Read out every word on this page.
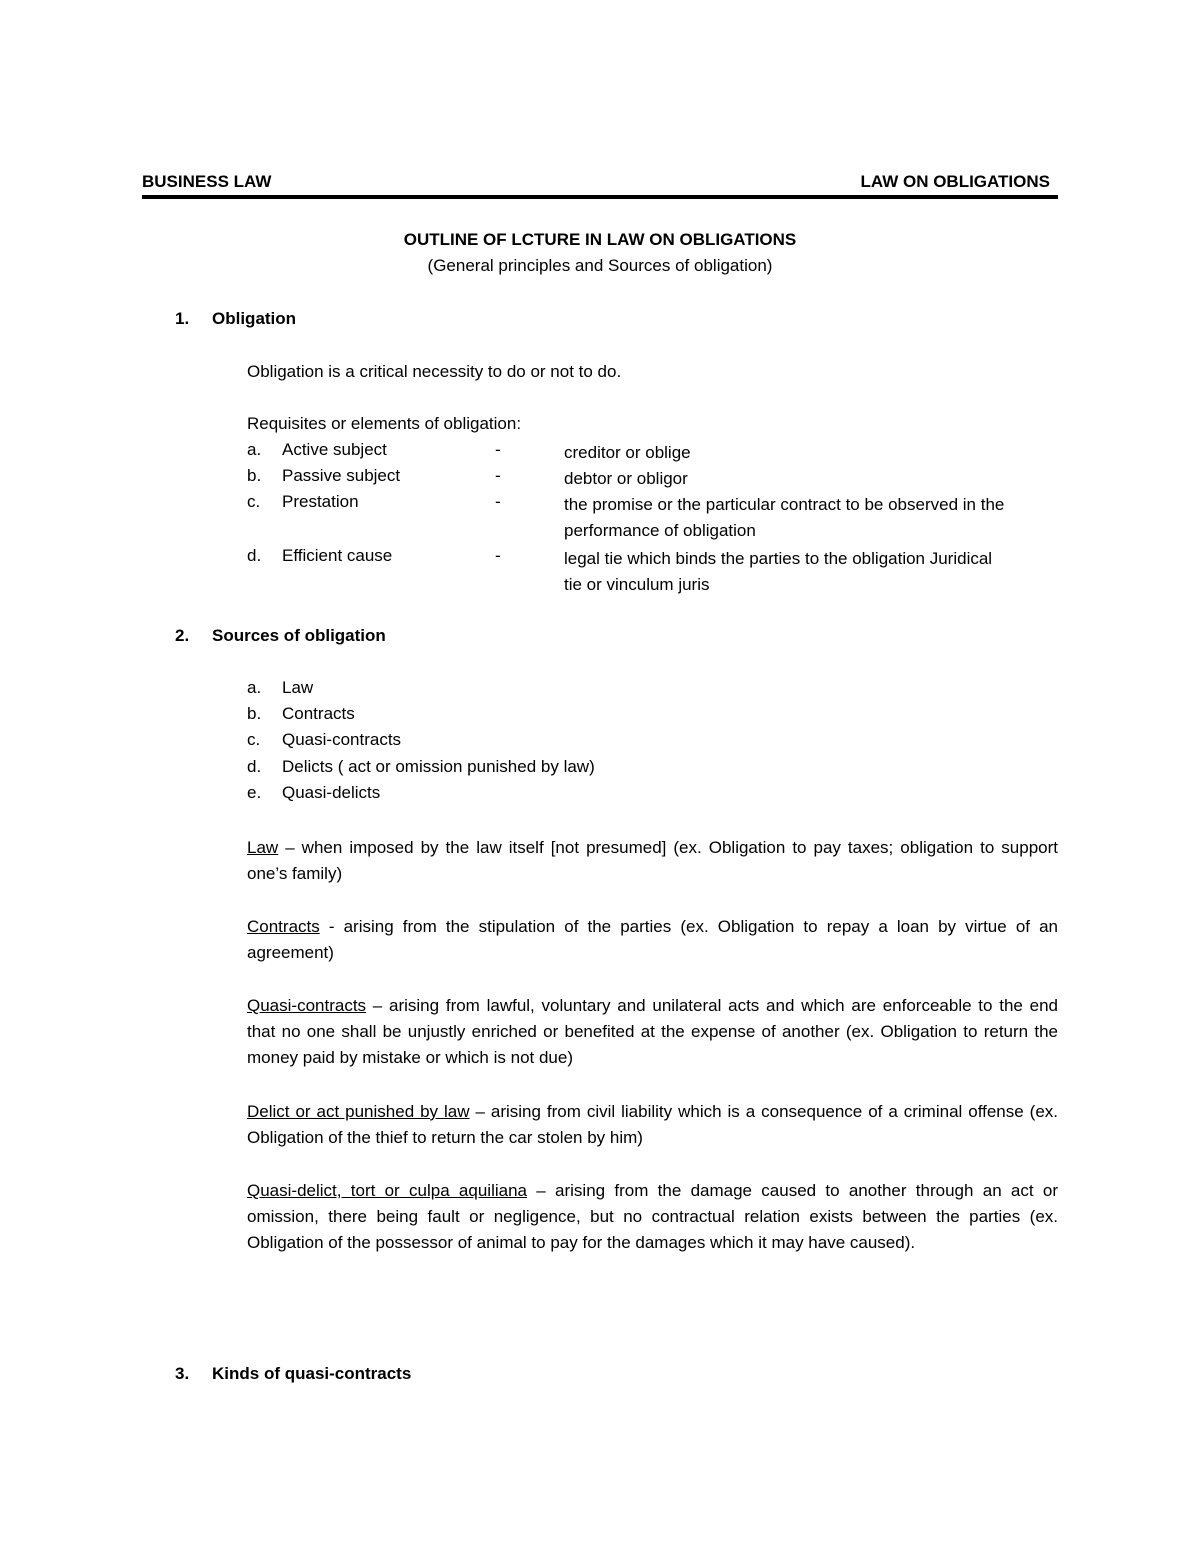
BUSINESS LAW	LAW ON OBLIGATIONS
OUTLINE OF LCTURE IN LAW ON OBLIGATIONS
(General principles and Sources of obligation)
1. Obligation
Obligation is a critical necessity to do or not to do.
Requisites or elements of obligation:
a. Active subject	-	creditor or oblige
b. Passive subject	-	debtor or obligor
c. Prestation	-	the promise or the particular contract to be observed in the performance of obligation
d. Efficient cause	-	legal tie which binds the parties to the obligation Juridical tie or vinculum juris
2. Sources of obligation
a. Law
b. Contracts
c. Quasi-contracts
d. Delicts ( act or omission punished by law)
e. Quasi-delicts
Law – when imposed by the law itself [not presumed] (ex. Obligation to pay taxes; obligation to support one’s family)
Contracts - arising from the stipulation of the parties (ex. Obligation to repay a loan by virtue of an agreement)
Quasi-contracts – arising from lawful, voluntary and unilateral acts and which are enforceable to the end that no one shall be unjustly enriched or benefited at the expense of another (ex. Obligation to return the money paid by mistake or which is not due)
Delict or act punished by law – arising from civil liability which is a consequence of a criminal offense (ex. Obligation of the thief to return the car stolen by him)
Quasi-delict, tort or culpa aquiliana – arising from the damage caused to another through an act or omission, there being fault or negligence, but no contractual relation exists between the parties (ex. Obligation of the possessor of animal to pay for the damages which it may have caused).
3. Kinds of quasi-contracts
